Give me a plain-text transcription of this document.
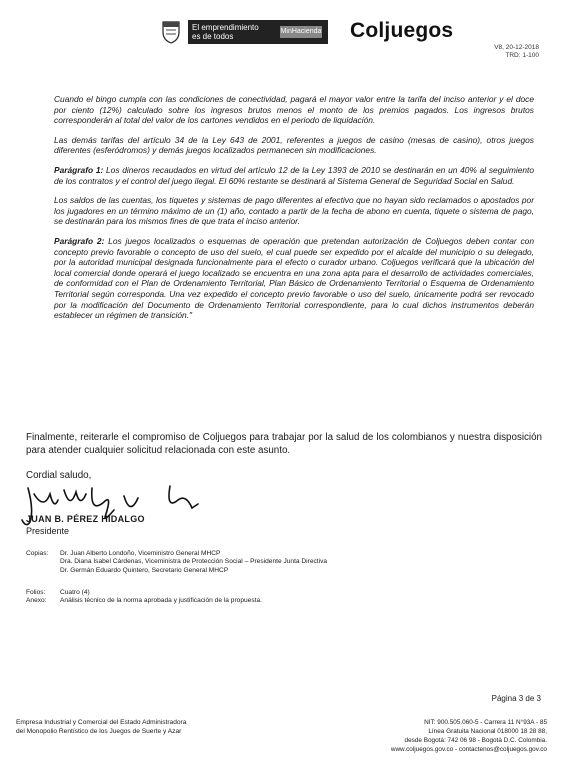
El emprendimiento
es de todos
MinHacienda Coljuegos
V8, 20-12-2018
TRD: 1-100

Cuando el bingo cumpla con las condiciones de conectividad, pagará el mayor valor entre la tarifa del inciso anterior y el doce por ciento (12%) calculado sobre los ingresos brutos menos el monto de los premios pagados. Los ingresos brutos corresponderán al total del valor de los cartones vendidos en el periodo de liquidación.

Las demás tarifas del artículo 34 de la Ley 643 de 2001, referentes a juegos de casino (mesas de casino), otros juegos diferentes (esferódromos) y demás juegos localizados permanecen sin modificaciones.

Parágrafo 1: Los dineros recaudados en virtud del artículo 12 de la Ley 1393 de 2010 se destinarán en un 40% al seguimiento de los contratos y el control del juego ilegal. El 60% restante se destinará al Sistema General de Seguridad Social en Salud.

Los saldos de las cuentas, los tiquetes y sistemas de pago diferentes al efectivo que no hayan sido reclamados o apostados por los jugadores en un término máximo de un (1) año, contado a partir de la fecha de abono en cuenta, tiquete o sistema de pago, se destinarán para los mismos fines de que trata el inciso anterior.

Parágrafo 2: Los juegos localizados o esquemas de operación que pretendan autorización de Coljuegos deben contar con concepto previo favorable o concepto de uso del suelo, el cual puede ser expedido por el alcalde del municipio o su delegado, por la autoridad municipal designada funcionalmente para el efecto o curador urbano. Coljuegos verificará que la ubicación del local comercial donde operará el juego localizado se encuentra en una zona apta para el desarrollo de actividades comerciales, de conformidad con el Plan de Ordenamiento Territorial, Plan Básico de Ordenamiento Territorial o Esquema de Ordenamiento Territorial según corresponda. Una vez expedido el concepto previo favorable o uso del suelo, únicamente podrá ser revocado por la modificación del Documento de Ordenamiento Territorial correspondiente, para lo cual dichos instrumentos deberán establecer un régimen de transición."

Finalmente, reiterarle el compromiso de Coljuegos para trabajar por la salud de los colombianos y nuestra disposición para atender cualquier solicitud relacionada con este asunto.
Cordial saludo,
JUAN B. PÉREZ HIDALGO
Presidente
Copias:	Dr. Juan Alberto Londoño, Viceministro General MHCP
Dra. Diana Isabel Cárdenas, Viceministra de Protección Social – Presidente Junta Directiva
Dr. Germán Eduardo Quintero, Secretario General MHCP
Folios:	Cuatro (4)
Anexo:	Análisis técnico de la norma aprobada y justificación de la propuesta.
Página 3 de 3
Empresa Industrial y Comercial del Estado Administradora
del Monopolio Rentístico de los Juegos de Suerte y Azar
NIT: 900.505.060-5 - Carrera 11 N°93A - 85
Línea Gratuita Nacional 018000 18 28 88,
desde Bogotá: 742 06 98 - Bogotá D.C. Colombia.
www.coljuegos.gov.co - contactenos@coljuegos.gov.co
